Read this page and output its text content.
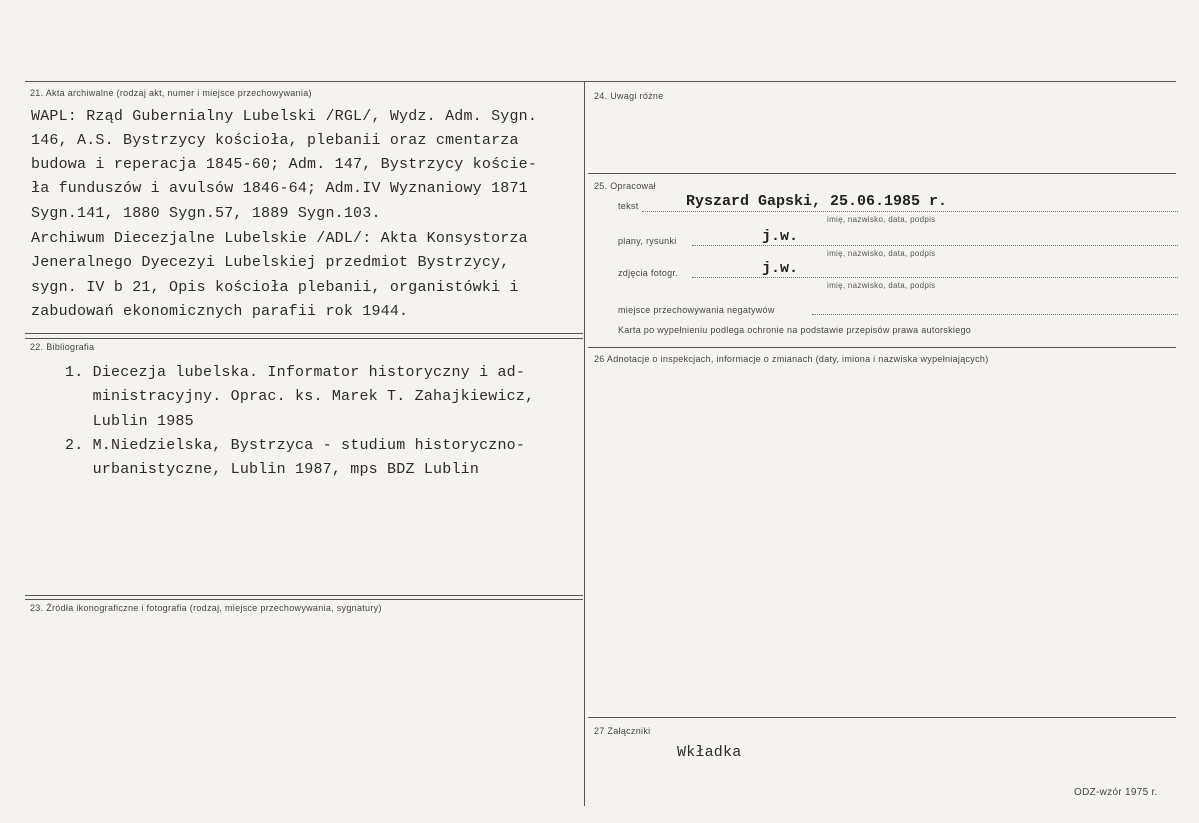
21. Akta archiwalne (rodzaj akt, numer i miejsce przechowywania)
WAPL: Rząd Gubernialny Lubelski /RGL/, Wydz. Adm. Sygn.
146, A.S. Bystrzycy kościoła, plebanii oraz cmentarza
budowa i reperacja 1845-60; Adm. 147, Bystrzycy koście-
ła funduszów i avulsów 1846-64; Adm.IV Wyznaniowy 1871
Sygn.141, 1880 Sygn.57, 1889 Sygn.103.
Archiwum Diecezjalne Lubelskie /ADL/: Akta Konsystorza
Jeneralnego Dyecezyi Lubelskiej przedmiot Bystrzycy,
sygn. IV b 21, Opis kościoła plebanii, organistówki i
zabudowań ekonomicznych parafii rok 1944.
22. Bibliografia
1. Diecezja lubelska. Informator historyczny i ad-
ministracyjny. Oprac. ks. Marek T. Zahajkiewicz,
Lublin 1985
2. M.Niedzielska, Bystrzyca - studium historyczno-
urbanistyczne, Lublin 1987, mps BDZ Lublin
23. Źródła ikonograficzne i fotografia (rodzaj, miejsce przechowywania, sygnatury)
24. Uwagi różne
25. Opracował
tekst	Ryszard Gapski, 25.06.1985 r.
imię, nazwisko, data, podpis
plany, rysunki	j.w.
imię, nazwisko, data, podpis
zdjęcia fotogr.	j.w.
imię, nazwisko, data, podpis
miejsce przechowywania negatywów
Karta po wypełnieniu podlega ochronie na podstawie przepisów prawa autorskiego
26 Adnotacje o inspekcjach, informacje o zmianach (daty, imiona i nazwiska wypełniających)
27 Załączniki
Wkładka
ODZ-wzór 1975 r.
